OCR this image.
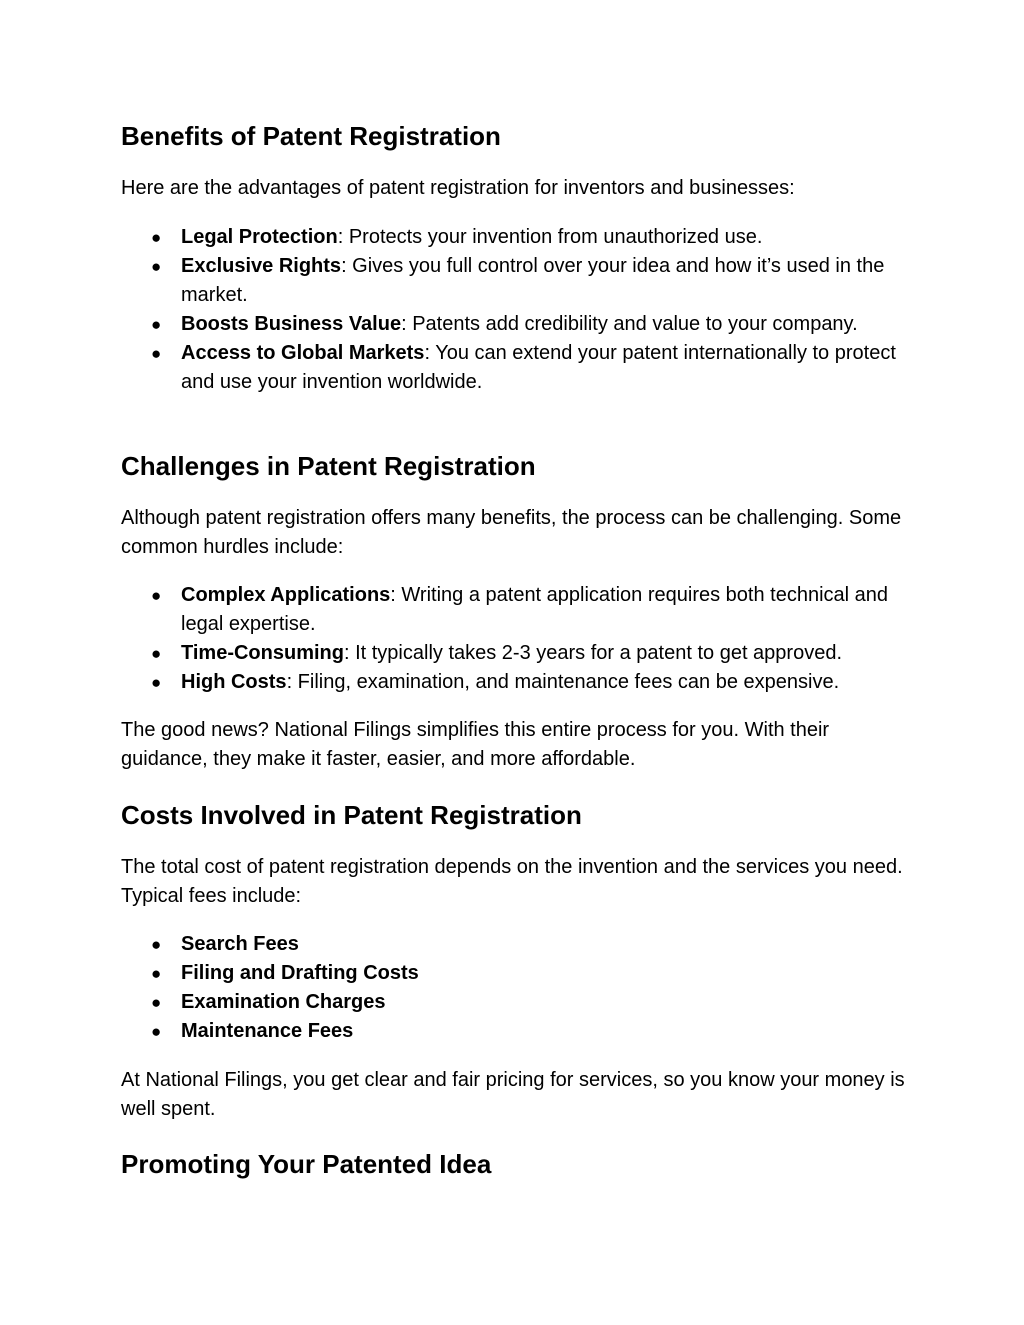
Benefits of Patent Registration

Here are the advantages of patent registration for inventors and businesses:

● Legal Protection: Protects your invention from unauthorized use.
● Exclusive Rights: Gives you full control over your idea and how it’s used in the market.
● Boosts Business Value: Patents add credibility and value to your company.
● Access to Global Markets: You can extend your patent internationally to protect and use your invention worldwide.
Challenges in Patent Registration

Although patent registration offers many benefits, the process can be challenging. Some common hurdles include:

● Complex Applications: Writing a patent application requires both technical and legal expertise.
● Time-Consuming: It typically takes 2-3 years for a patent to get approved.
● High Costs: Filing, examination, and maintenance fees can be expensive.

The good news? National Filings simplifies this entire process for you. With their guidance, they make it faster, easier, and more affordable.

Costs Involved in Patent Registration

The total cost of patent registration depends on the invention and the services you need. Typical fees include:

● Search Fees
● Filing and Drafting Costs
● Examination Charges
● Maintenance Fees

At National Filings, you get clear and fair pricing for services, so you know your money is well spent.

Promoting Your Patented Idea
